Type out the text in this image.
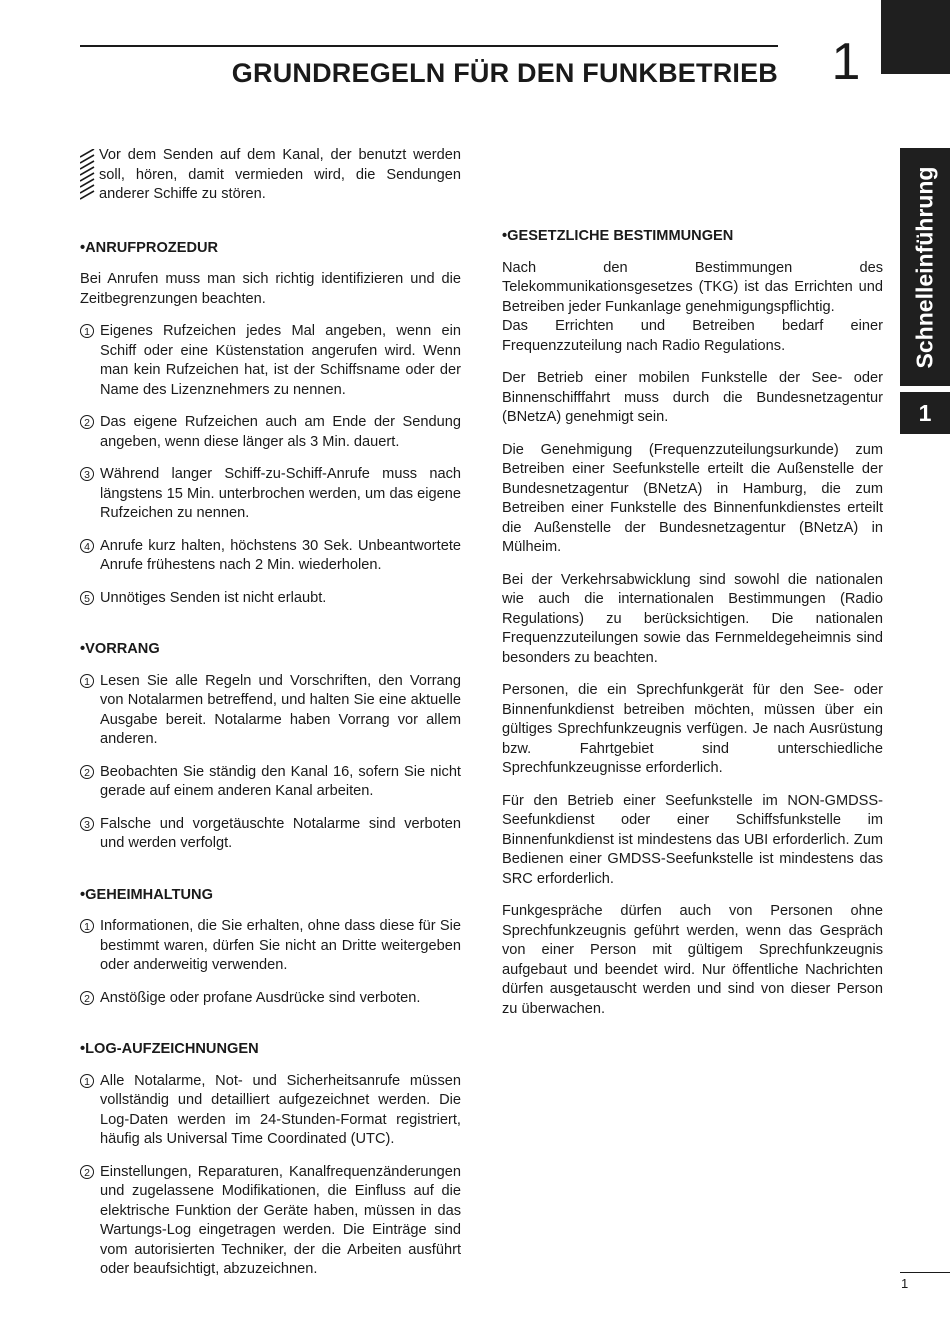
GRUNDREGELN FÜR DEN FUNKBETRIEB 1
Schnelleinführung
1
Vor dem Senden auf dem Kanal, der benutzt werden soll, hören, damit vermieden wird, die Sendungen anderer Schiffe zu stören.

•ANRUFPROZEDUR

Bei Anrufen muss man sich richtig identifizieren und die Zeitbegrenzungen beachten.

1 Eigenes Rufzeichen jedes Mal angeben, wenn ein Schiff oder eine Küstenstation angerufen wird. Wenn man kein Rufzeichen hat, ist der Schiffsname oder der Name des Lizenznehmers zu nennen.
2 Das eigene Rufzeichen auch am Ende der Sendung angeben, wenn diese länger als 3 Min. dauert.
3 Während langer Schiff-zu-Schiff-Anrufe muss nach längstens 15 Min. unterbrochen werden, um das eigene Rufzeichen zu nennen.
4 Anrufe kurz halten, höchstens 30 Sek. Unbeantwortete Anrufe frühestens nach 2 Min. wiederholen.
5 Unnötiges Senden ist nicht erlaubt.

•VORRANG

1 Lesen Sie alle Regeln und Vorschriften, den Vorrang von Notalarmen betreffend, und halten Sie eine aktuelle Ausgabe bereit. Notalarme haben Vorrang vor allem anderen.
2 Beobachten Sie ständig den Kanal 16, sofern Sie nicht gerade auf einem anderen Kanal arbeiten.
3 Falsche und vorgetäuschte Notalarme sind verboten und werden verfolgt.

•GEHEIMHALTUNG

1 Informationen, die Sie erhalten, ohne dass diese für Sie bestimmt waren, dürfen Sie nicht an Dritte weitergeben oder anderweitig verwenden.
2 Anstößige oder profane Ausdrücke sind verboten.

•LOG-AUFZEICHNUNGEN

1 Alle Notalarme, Not- und Sicherheitsanrufe müssen vollständig und detailliert aufgezeichnet werden. Die Log-Daten werden im 24-Stunden-Format registriert, häufig als Universal Time Coordinated (UTC).
2 Einstellungen, Reparaturen, Kanalfrequenzänderungen und zugelassene Modifikationen, die Einfluss auf die elektrische Funktion der Geräte haben, müssen in das Wartungs-Log eingetragen werden. Die Einträge sind vom autorisierten Techniker, der die Arbeiten ausführt oder beaufsichtigt, abzuzeichnen.

•GESETZLICHE BESTIMMUNGEN

Nach den Bestimmungen des Telekommunikationsgesetzes (TKG) ist das Errichten und Betreiben jeder Funkanlage genehmigungspflichtig.

Das Errichten und Betreiben bedarf einer Frequenzzuteilung nach Radio Regulations.

Der Betrieb einer mobilen Funkstelle der See- oder Binnenschifffahrt muss durch die Bundesnetzagentur (BNetzA) genehmigt sein.

Die Genehmigung (Frequenzzuteilungsurkunde) zum Betreiben einer Seefunkstelle erteilt die Außenstelle der Bundesnetzagentur (BNetzA) in Hamburg, die zum Betreiben einer Funkstelle des Binnenfunkdienstes erteilt die Außenstelle der Bundesnetzagentur (BNetzA) in Mülheim.

Bei der Verkehrsabwicklung sind sowohl die nationalen wie auch die internationalen Bestimmungen (Radio Regulations) zu berücksichtigen. Die nationalen Frequenzzuteilungen sowie das Fernmeldegeheimnis sind besonders zu beachten.

Personen, die ein Sprechfunkgerät für den See- oder Binnenfunkdienst betreiben möchten, müssen über ein gültiges Sprechfunkzeugnis verfügen. Je nach Ausrüstung bzw. Fahrtgebiet sind unterschiedliche Sprechfunkzeugnisse erforderlich.

Für den Betrieb einer Seefunkstelle im NON-GMDSS-Seefunkdienst oder einer Schiffsfunkstelle im Binnenfunkdienst ist mindestens das UBI erforderlich. Zum Bedienen einer GMDSS-Seefunkstelle ist mindestens das SRC erforderlich.

Funkgespräche dürfen auch von Personen ohne Sprechfunkzeugnis geführt werden, wenn das Gespräch von einer Person mit gültigem Sprechfunkzeugnis aufgebaut und beendet wird. Nur öffentliche Nachrichten dürfen ausgetauscht werden und sind von dieser Person zu überwachen.

1
